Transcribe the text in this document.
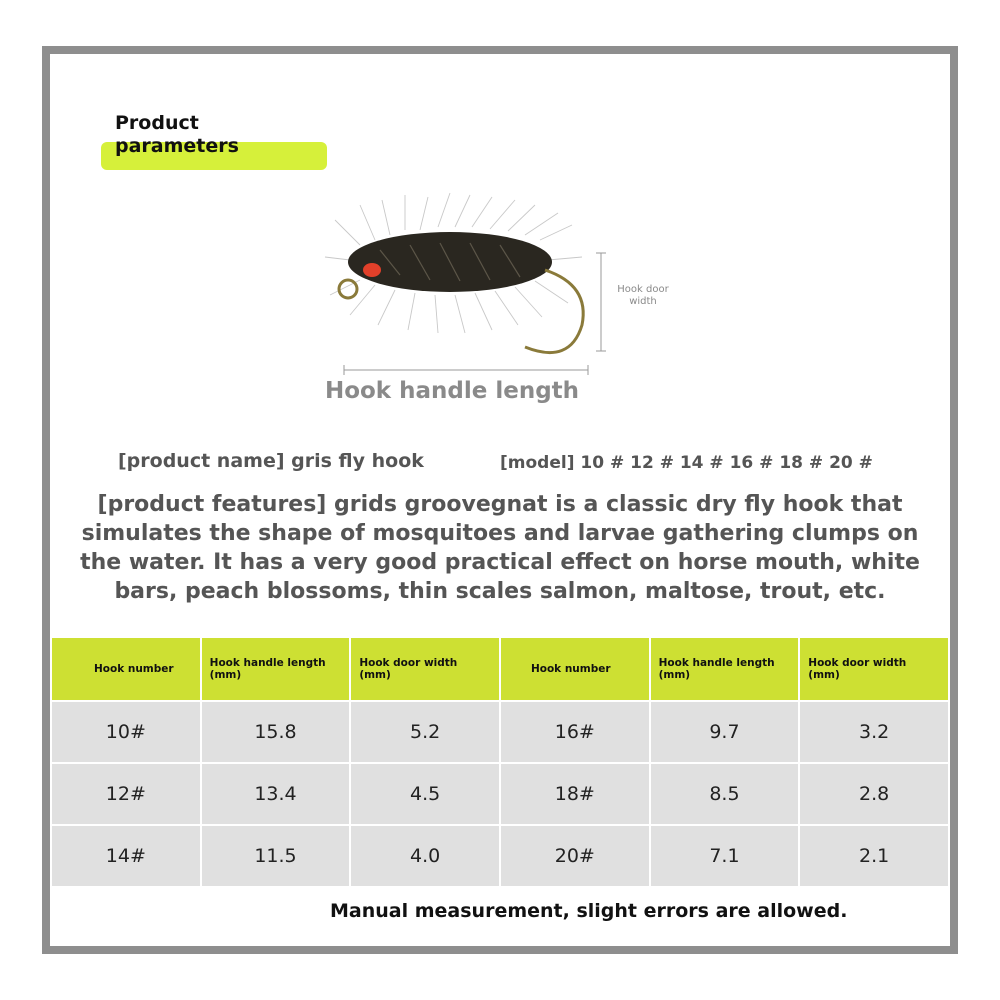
Product parameters
Hook door width
Hook handle length
[product name] gris fly hook	[model] 10 # 12 # 14 # 16 # 18 # 20 #
[product features] grids groovegnat is a classic dry fly hook that simulates the shape of mosquitoes and larvae gathering clumps on the water. It has a very good practical effect on horse mouth, white bars, peach blossoms, thin scales salmon, maltose, trout, etc.
Hook number	Hook handle length (mm)	Hook door width (mm)	Hook number	Hook handle length (mm)	Hook door width (mm)
10#	15.8	5.2	16#	9.7	3.2
12#	13.4	4.5	18#	8.5	2.8
14#	11.5	4.0	20#	7.1	2.1
Manual measurement, slight errors are allowed.
